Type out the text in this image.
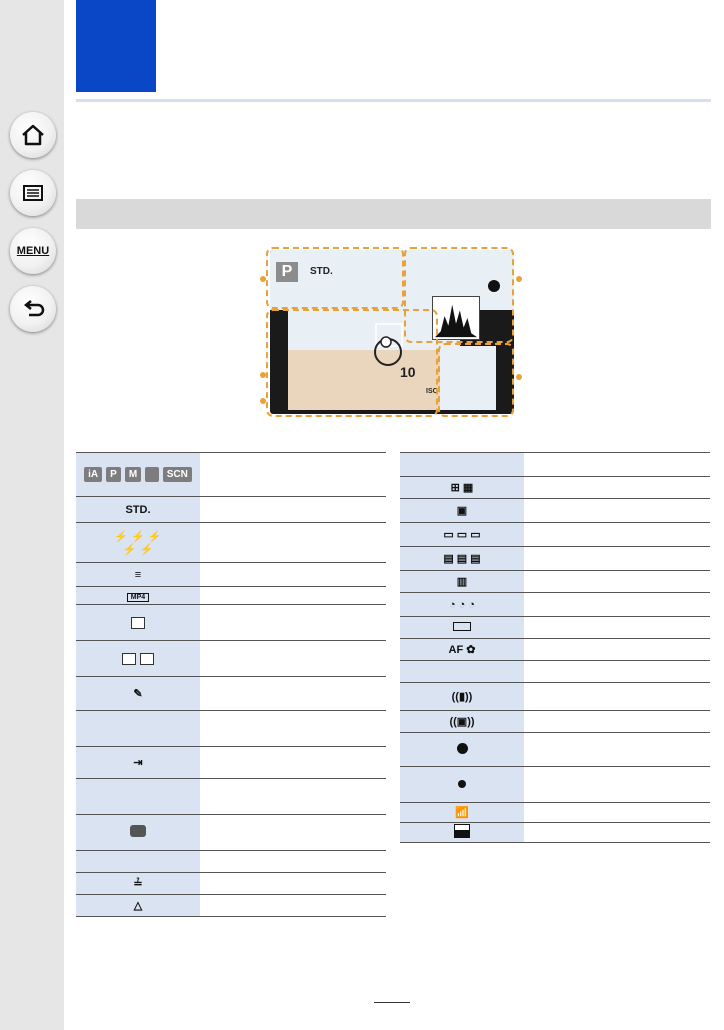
MENU
P	STD.
10
ISO
iA P M SCN	
STD.	
⚡ ⚡ ⚡
⚡ ⚡	
≡	
MP4	

✎	

⇥	

≟	
△	

⊞ ▦	
▣	
▭ ▭ ▭	
▤ ▤ ▤	
▥	
◔ ◔ ◔	

AF ✿	

((▮))	
((▣))	

📶	
